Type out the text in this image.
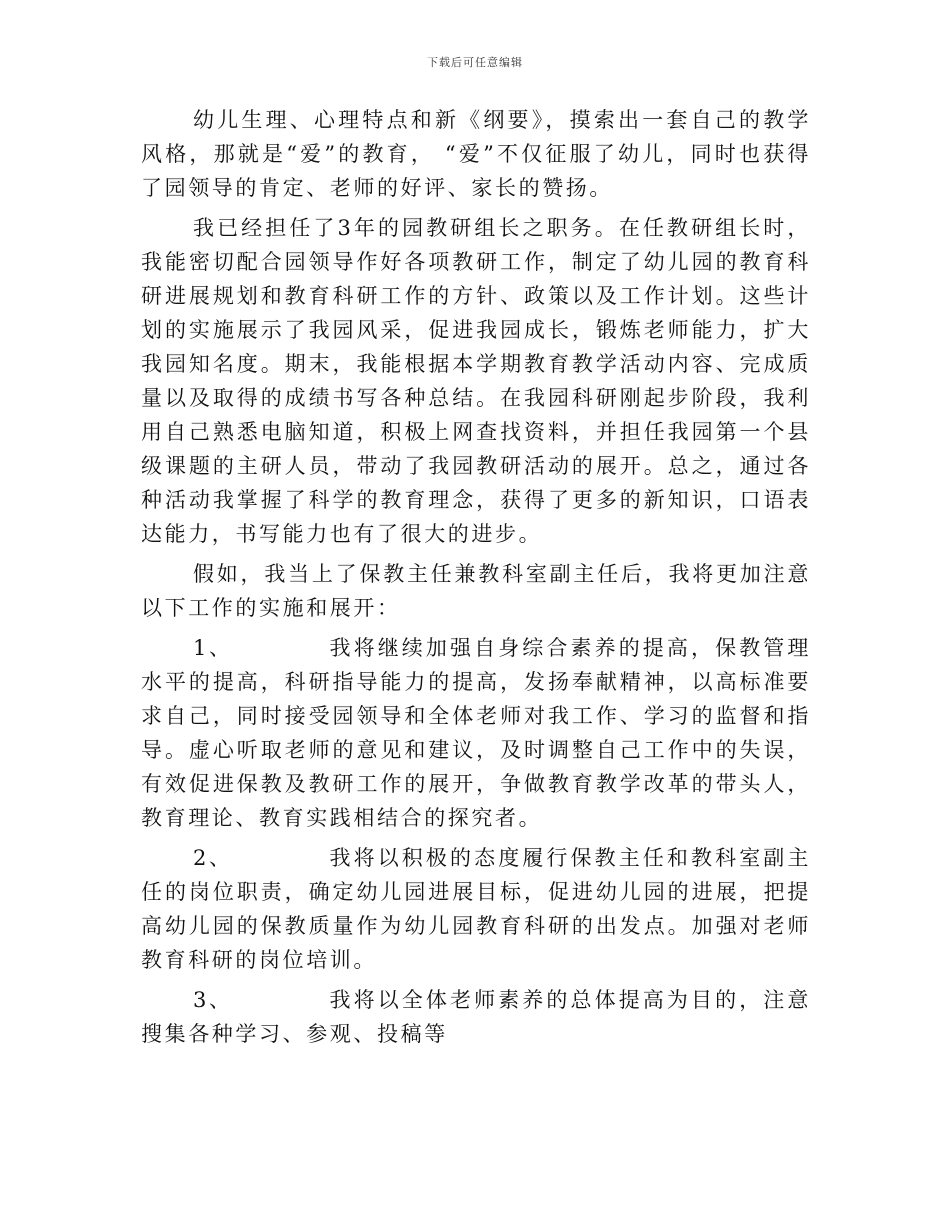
下载后可任意编辑

幼儿生理、心理特点和新《纲要》，摸索出一套自己的教学风格，那就是“爱”的教育， “爱”不仅征服了幼儿，同时也获得了园领导的肯定、老师的好评、家长的赞扬。

我已经担任了3年的园教研组长之职务。在任教研组长时，我能密切配合园领导作好各项教研工作，制定了幼儿园的教育科研进展规划和教育科研工作的方针、政策以及工作计划。这些计划的实施展示了我园风采，促进我园成长，锻炼老师能力，扩大我园知名度。期末，我能根据本学期教育教学活动内容、完成质量以及取得的成绩书写各种总结。在我园科研刚起步阶段，我利用自己熟悉电脑知道，积极上网查找资料，并担任我园第一个县级课题的主研人员，带动了我园教研活动的展开。总之，通过各种活动我掌握了科学的教育理念，获得了更多的新知识，口语表达能力，书写能力也有了很大的进步。

假如，我当上了保教主任兼教科室副主任后，我将更加注意以下工作的实施和展开：

1、	我将继续加强自身综合素养的提高，保教管理水平的提高，科研指导能力的提高，发扬奉献精神，以高标准要求自己，同时接受园领导和全体老师对我工作、学习的监督和指导。虚心听取老师的意见和建议，及时调整自己工作中的失误，有效促进保教及教研工作的展开，争做教育教学改革的带头人，教育理论、教育实践相结合的探究者。

2、	我将以积极的态度履行保教主任和教科室副主任的岗位职责，确定幼儿园进展目标，促进幼儿园的进展，把提高幼儿园的保教质量作为幼儿园教育科研的出发点。加强对老师教育科研的岗位培训。

3、	我将以全体老师素养的总体提高为目的，注意搜集各种学习、参观、投稿等
